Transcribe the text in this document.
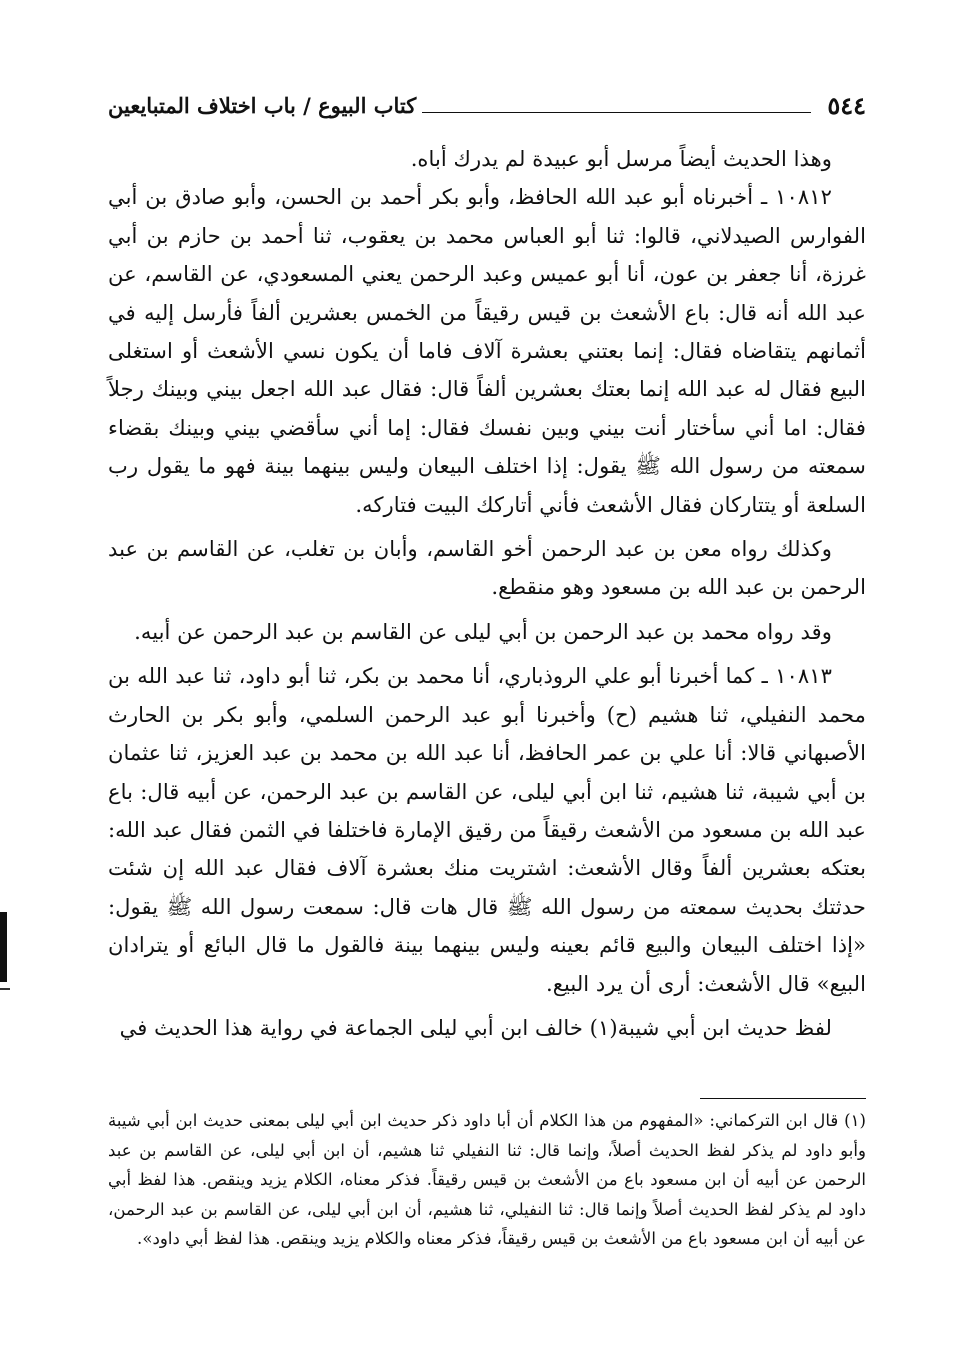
٥٤٤
كتاب البيوع / باب اختلاف المتبايعين

وهذا الحديث أيضاً مرسل أبو عبيدة لم يدرك أباه.

١٠٨١٢ ـ أخبرناه أبو عبد الله الحافظ، وأبو بكر أحمد بن الحسن، وأبو صادق بن أبي الفوارس الصيدلاني، قالوا: ثنا أبو العباس محمد بن يعقوب، ثنا أحمد بن حازم بن أبي غرزة، أنا جعفر بن عون، أنا أبو عميس وعبد الرحمن يعني المسعودي، عن القاسم، عن عبد الله أنه قال: باع الأشعث بن قيس رقيقاً من الخمس بعشرين ألفاً فأرسل إليه في أثمانهم يتقاضاه فقال: إنما بعتني بعشرة آلاف فاما أن يكون نسي الأشعث أو استغلى البيع فقال له عبد الله إنما بعتك بعشرين ألفاً قال: فقال عبد الله اجعل بيني وبينك رجلاً فقال: اما أني سأختار أنت بيني وبين نفسك فقال: إما أني سأقضي بيني وبينك بقضاء سمعته من رسول الله ﷺ يقول: إذا اختلف البيعان وليس بينهما بينة فهو ما يقول رب السلعة أو يتتاركان فقال الأشعث فأني أتاركك البيت فتاركه.

وكذلك رواه معن بن عبد الرحمن أخو القاسم، وأبان بن تغلب، عن القاسم بن عبد الرحمن بن عبد الله بن مسعود وهو منقطع.

وقد رواه محمد بن عبد الرحمن بن أبي ليلى عن القاسم بن عبد الرحمن عن أبيه.

١٠٨١٣ ـ كما أخبرنا أبو علي الروذباري، أنا محمد بن بكر، ثنا أبو داود، ثنا عبد الله بن محمد النفيلي، ثنا هشيم (ح) وأخبرنا أبو عبد الرحمن السلمي، وأبو بكر بن الحارث الأصبهاني قالا: أنا علي بن عمر الحافظ، أنا عبد الله بن محمد بن عبد العزيز، ثنا عثمان بن أبي شيبة، ثنا هشيم، ثنا ابن أبي ليلى، عن القاسم بن عبد الرحمن، عن أبيه قال: باع عبد الله بن مسعود من الأشعث رقيقاً من رقيق الإمارة فاختلفا في الثمن فقال عبد الله: بعتكه بعشرين ألفاً وقال الأشعث: اشتريت منك بعشرة آلاف فقال عبد الله إن شئت حدثتك بحديث سمعته من رسول الله ﷺ قال هات قال: سمعت رسول الله ﷺ يقول: «إذا اختلف البيعان والبيع قائم بعينه وليس بينهما بينة فالقول ما قال البائع أو يترادان البيع» قال الأشعث: أرى أن يرد البيع.

لفظ حديث ابن أبي شيبة(١) خالف ابن أبي ليلى الجماعة في رواية هذا الحديث في

(١) قال ابن التركماني: «المفهوم من هذا الكلام أن أبا داود ذكر حديث ابن أبي ليلى بمعنى حديث ابن أبي شيبة وأبو داود لم يذكر لفظ الحديث أصلاً، وإنما قال: ثنا النفيلي ثنا هشيم، أن ابن أبي ليلى، عن القاسم بن عبد الرحمن عن أبيه أن ابن مسعود باع من الأشعث بن قيس رقيقاً. فذكر معناه، الكلام يزيد وينقص. هذا لفظ أبي داود لم يذكر لفظ الحديث أصلاً وإنما قال: ثنا النفيلي، ثنا هشيم، أن ابن أبي ليلى، عن القاسم بن عبد الرحمن، عن أبيه أن ابن مسعود باع من الأشعث بن قيس رقيقاً، فذكر معناه والكلام يزيد وينقص. هذا لفظ أبي داود».
